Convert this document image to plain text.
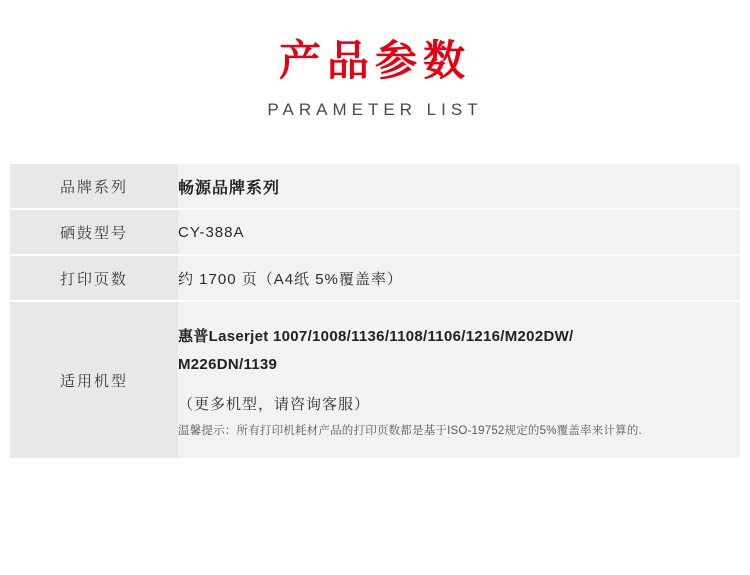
产品参数
PARAMETER LIST
品牌系列	畅源品牌系列
硒鼓型号	CY-388A
打印页数	约 1700 页（A4纸 5%覆盖率）
适用机型	惠普Laserjet 1007/1008/1136/1108/1106/1216/M202DW/
M226DN/1139
（更多机型，请咨询客服）
温馨提示：所有打印机耗材产品的打印页数都是基于ISO-19752规定的5%覆盖率来计算的.
